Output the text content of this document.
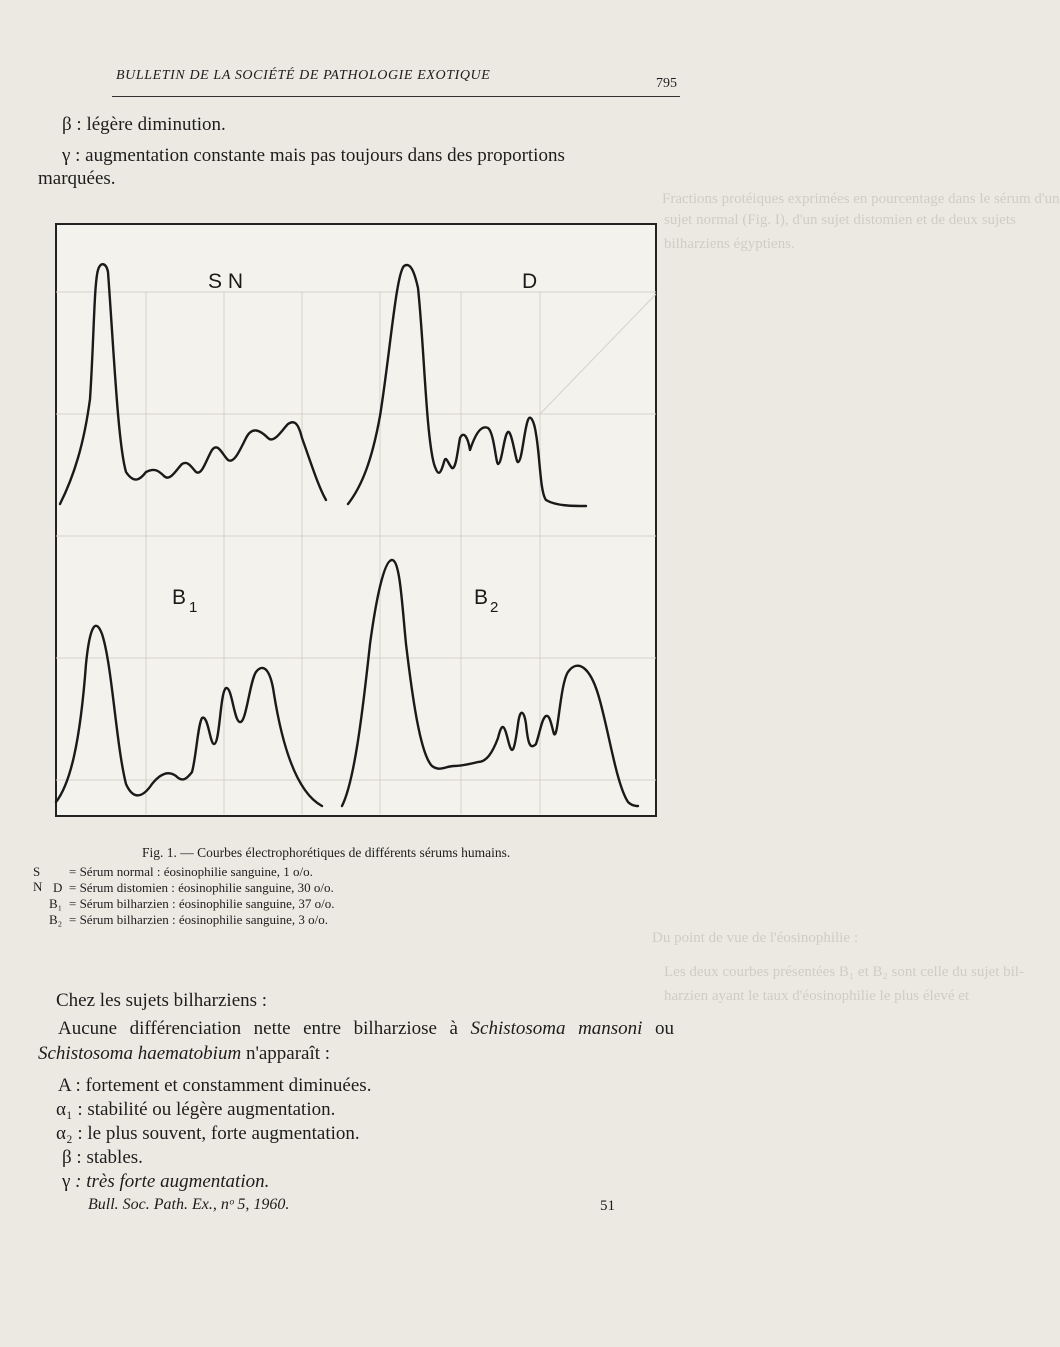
Fractions protéiques exprimées en pourcentage dans le sérum d'un
sujet normal (Fig. I), d'un sujet distomien et de deux sujets
bilharziens égyptiens.
Du point de vue de l'éosinophilie :
Les deux courbes présentées B₁ et B₂ sont celle du sujet bil-
harzien ayant le taux d'éosinophilie le plus élevé et
BULLETIN DE LA SOCIÉTÉ DE PATHOLOGIE EXOTIQUE
795
β : légère diminution.
γ : augmentation constante mais pas toujours dans des proportions
marquées.
S N	D
B 1	B 2
Fig. 1. — Courbes électrophorétiques de différents sérums humains.
S N
= Sérum normal : éosinophilie sanguine, 1 o/o.
D = Sérum distomien : éosinophilie sanguine, 30 o/o.
B₁ = Sérum bilharzien : éosinophilie sanguine, 37 o/o.
B₂ = Sérum bilharzien : éosinophilie sanguine, 3 o/o.
Chez les sujets bilharziens :
Aucune différenciation nette entre bilharziose à Schistosoma mansoni ou Schistosoma haematobium n'apparaît :
A : fortement et constamment diminuées.
α₁ : stabilité ou légère augmentation.
α₂ : le plus souvent, forte augmentation.
β : stables.
γ : très forte augmentation.
Bull. Soc. Path. Ex., nᵒ 5, 1960.	51
